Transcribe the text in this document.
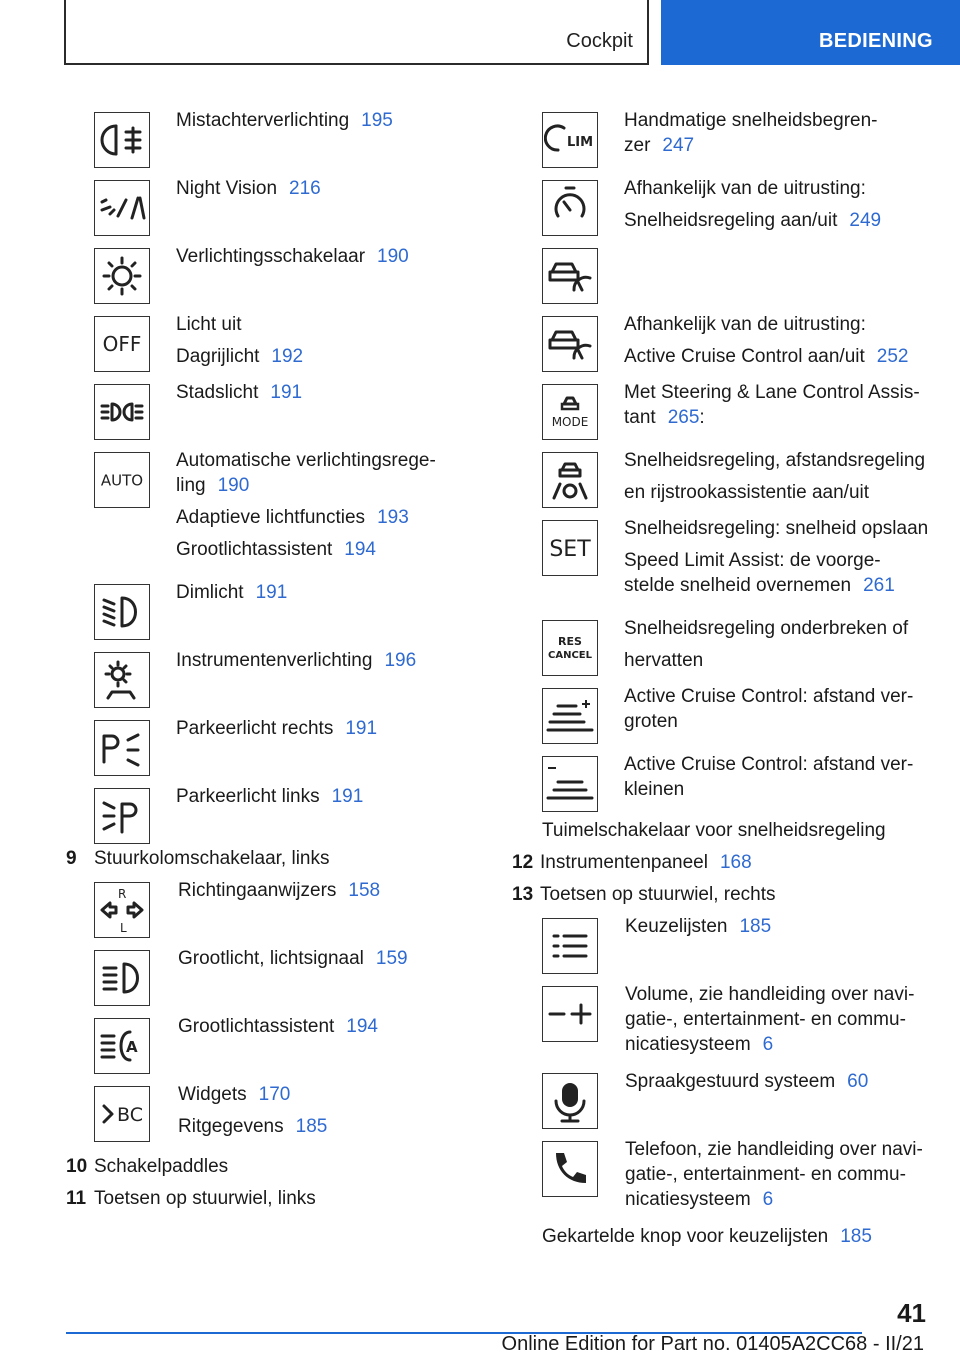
Cockpit	BEDIENING
Mistachterverlichting 195
Night Vision 216
Verlichtingsschakelaar 190
OFF
Licht uit
Dagrijlicht 192
Stadslicht 191
AUTO
Automatische verlichtingsrege-
ling 190
Adaptieve lichtfuncties 193
Grootlichtassistent 194
Dimlicht 191
Instrumentenverlichting 196
Parkeerlicht rechts 191
Parkeerlicht links 191
9 Stuurkolomschakelaar, links
R
L
Richtingaanwijzers 158
Grootlicht, lichtsignaal 159
A
Grootlichtassistent 194
BC
Widgets 170
Ritgegevens 185
10 Schakelpaddles
11 Toetsen op stuurwiel, links
LIM
Handmatige snelheidsbegren-
zer 247
Afhankelijk van de uitrusting:
Snelheidsregeling aan/uit 249
Afhankelijk van de uitrusting:
Active Cruise Control aan/uit 252
MODE
Met Steering & Lane Control Assis-
tant 265:
Snelheidsregeling, afstandsregeling
en rijstrookassistentie aan/uit
SET
Snelheidsregeling: snelheid opslaan
Speed Limit Assist: de voorge-
stelde snelheid overnemen 261
RES
CANCEL
Snelheidsregeling onderbreken of
hervatten
Active Cruise Control: afstand ver-
groten
Active Cruise Control: afstand ver-
kleinen
Tuimelschakelaar voor snelheidsregeling
12 Instrumentenpaneel 168
13 Toetsen op stuurwiel, rechts
Keuzelijsten 185
Volume, zie handleiding over navi-
gatie-, entertainment- en commu-
nicatiesysteem 6
Spraakgestuurd systeem 60
Telefoon, zie handleiding over navi-
gatie-, entertainment- en commu-
nicatiesysteem 6
Gekartelde knop voor keuzelijsten 185
41
Online Edition for Part no. 01405A2CC68 - II/21
